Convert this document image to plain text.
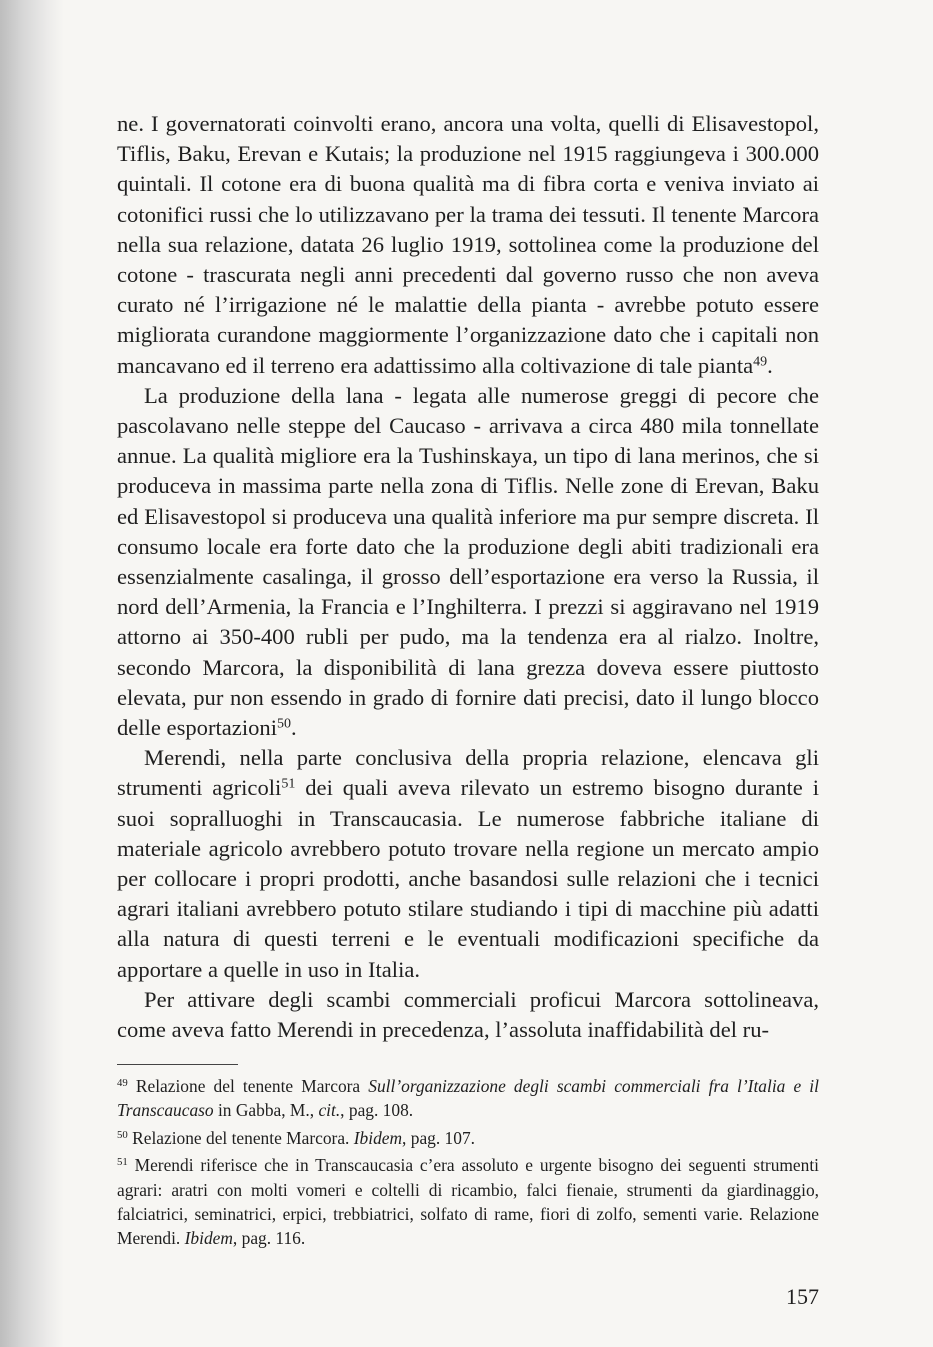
ne. I governatorati coinvolti erano, ancora una volta, quelli di Elisavestopol, Tiflis, Baku, Erevan e Kutais; la produzione nel 1915 raggiungeva i 300.000 quintali. Il cotone era di buona qualità ma di fibra corta e veniva inviato ai cotonifici russi che lo utilizzavano per la trama dei tessuti. Il tenente Marcora nella sua relazione, datata 26 luglio 1919, sottolinea come la produzione del cotone - trascurata negli anni precedenti dal governo russo che non aveva curato né l’irrigazione né le malattie della pianta - avrebbe potuto essere migliorata curandone maggiormente l’organizzazione dato che i capitali non mancavano ed il terreno era adattissimo alla coltivazione di tale pianta$^{49}$.

La produzione della lana - legata alle numerose greggi di pecore che pascolavano nelle steppe del Caucaso - arrivava a circa 480 mila tonnellate annue. La qualità migliore era la Tushinskaya, un tipo di lana merinos, che si produceva in massima parte nella zona di Tiflis. Nelle zone di Erevan, Baku ed Elisavestopol si produceva una qualità inferiore ma pur sempre discreta. Il consumo locale era forte dato che la produzione degli abiti tradizionali era essenzialmente casalinga, il grosso dell’esportazione era verso la Russia, il nord dell’Armenia, la Francia e l’Inghilterra. I prezzi si aggiravano nel 1919 attorno ai 350-400 rubli per pudo, ma la tendenza era al rialzo. Inoltre, secondo Marcora, la disponibilità di lana grezza doveva essere piuttosto elevata, pur non essendo in grado di fornire dati precisi, dato il lungo blocco delle esportazioni$^{50}$.

Merendi, nella parte conclusiva della propria relazione, elencava gli strumenti agricoli$^{51}$ dei quali aveva rilevato un estremo bisogno durante i suoi sopralluoghi in Transcaucasia. Le numerose fabbriche italiane di materiale agricolo avrebbero potuto trovare nella regione un mercato ampio per collocare i propri prodotti, anche basandosi sulle relazioni che i tecnici agrari italiani avrebbero potuto stilare studiando i tipi di macchine più adatti alla natura di questi terreni e le eventuali modificazioni specifiche da apportare a quelle in uso in Italia.

Per attivare degli scambi commerciali proficui Marcora sottolineava, come aveva fatto Merendi in precedenza, l’assoluta inaffidabilità del ru-

$^{49}$ Relazione del tenente Marcora Sull’organizzazione degli scambi commerciali fra l’Italia e il Transcaucaso in Gabba, M., cit., pag. 108.

$^{50}$ Relazione del tenente Marcora. Ibidem, pag. 107.

$^{51}$ Merendi riferisce che in Transcaucasia c’era assoluto e urgente bisogno dei seguenti strumenti agrari: aratri con molti vomeri e coltelli di ricambio, falci fienaie, strumenti da giardinaggio, falciatrici, seminatrici, erpici, trebbiatrici, solfato di rame, fiori di zolfo, sementi varie. Relazione Merendi. Ibidem, pag. 116.

157
